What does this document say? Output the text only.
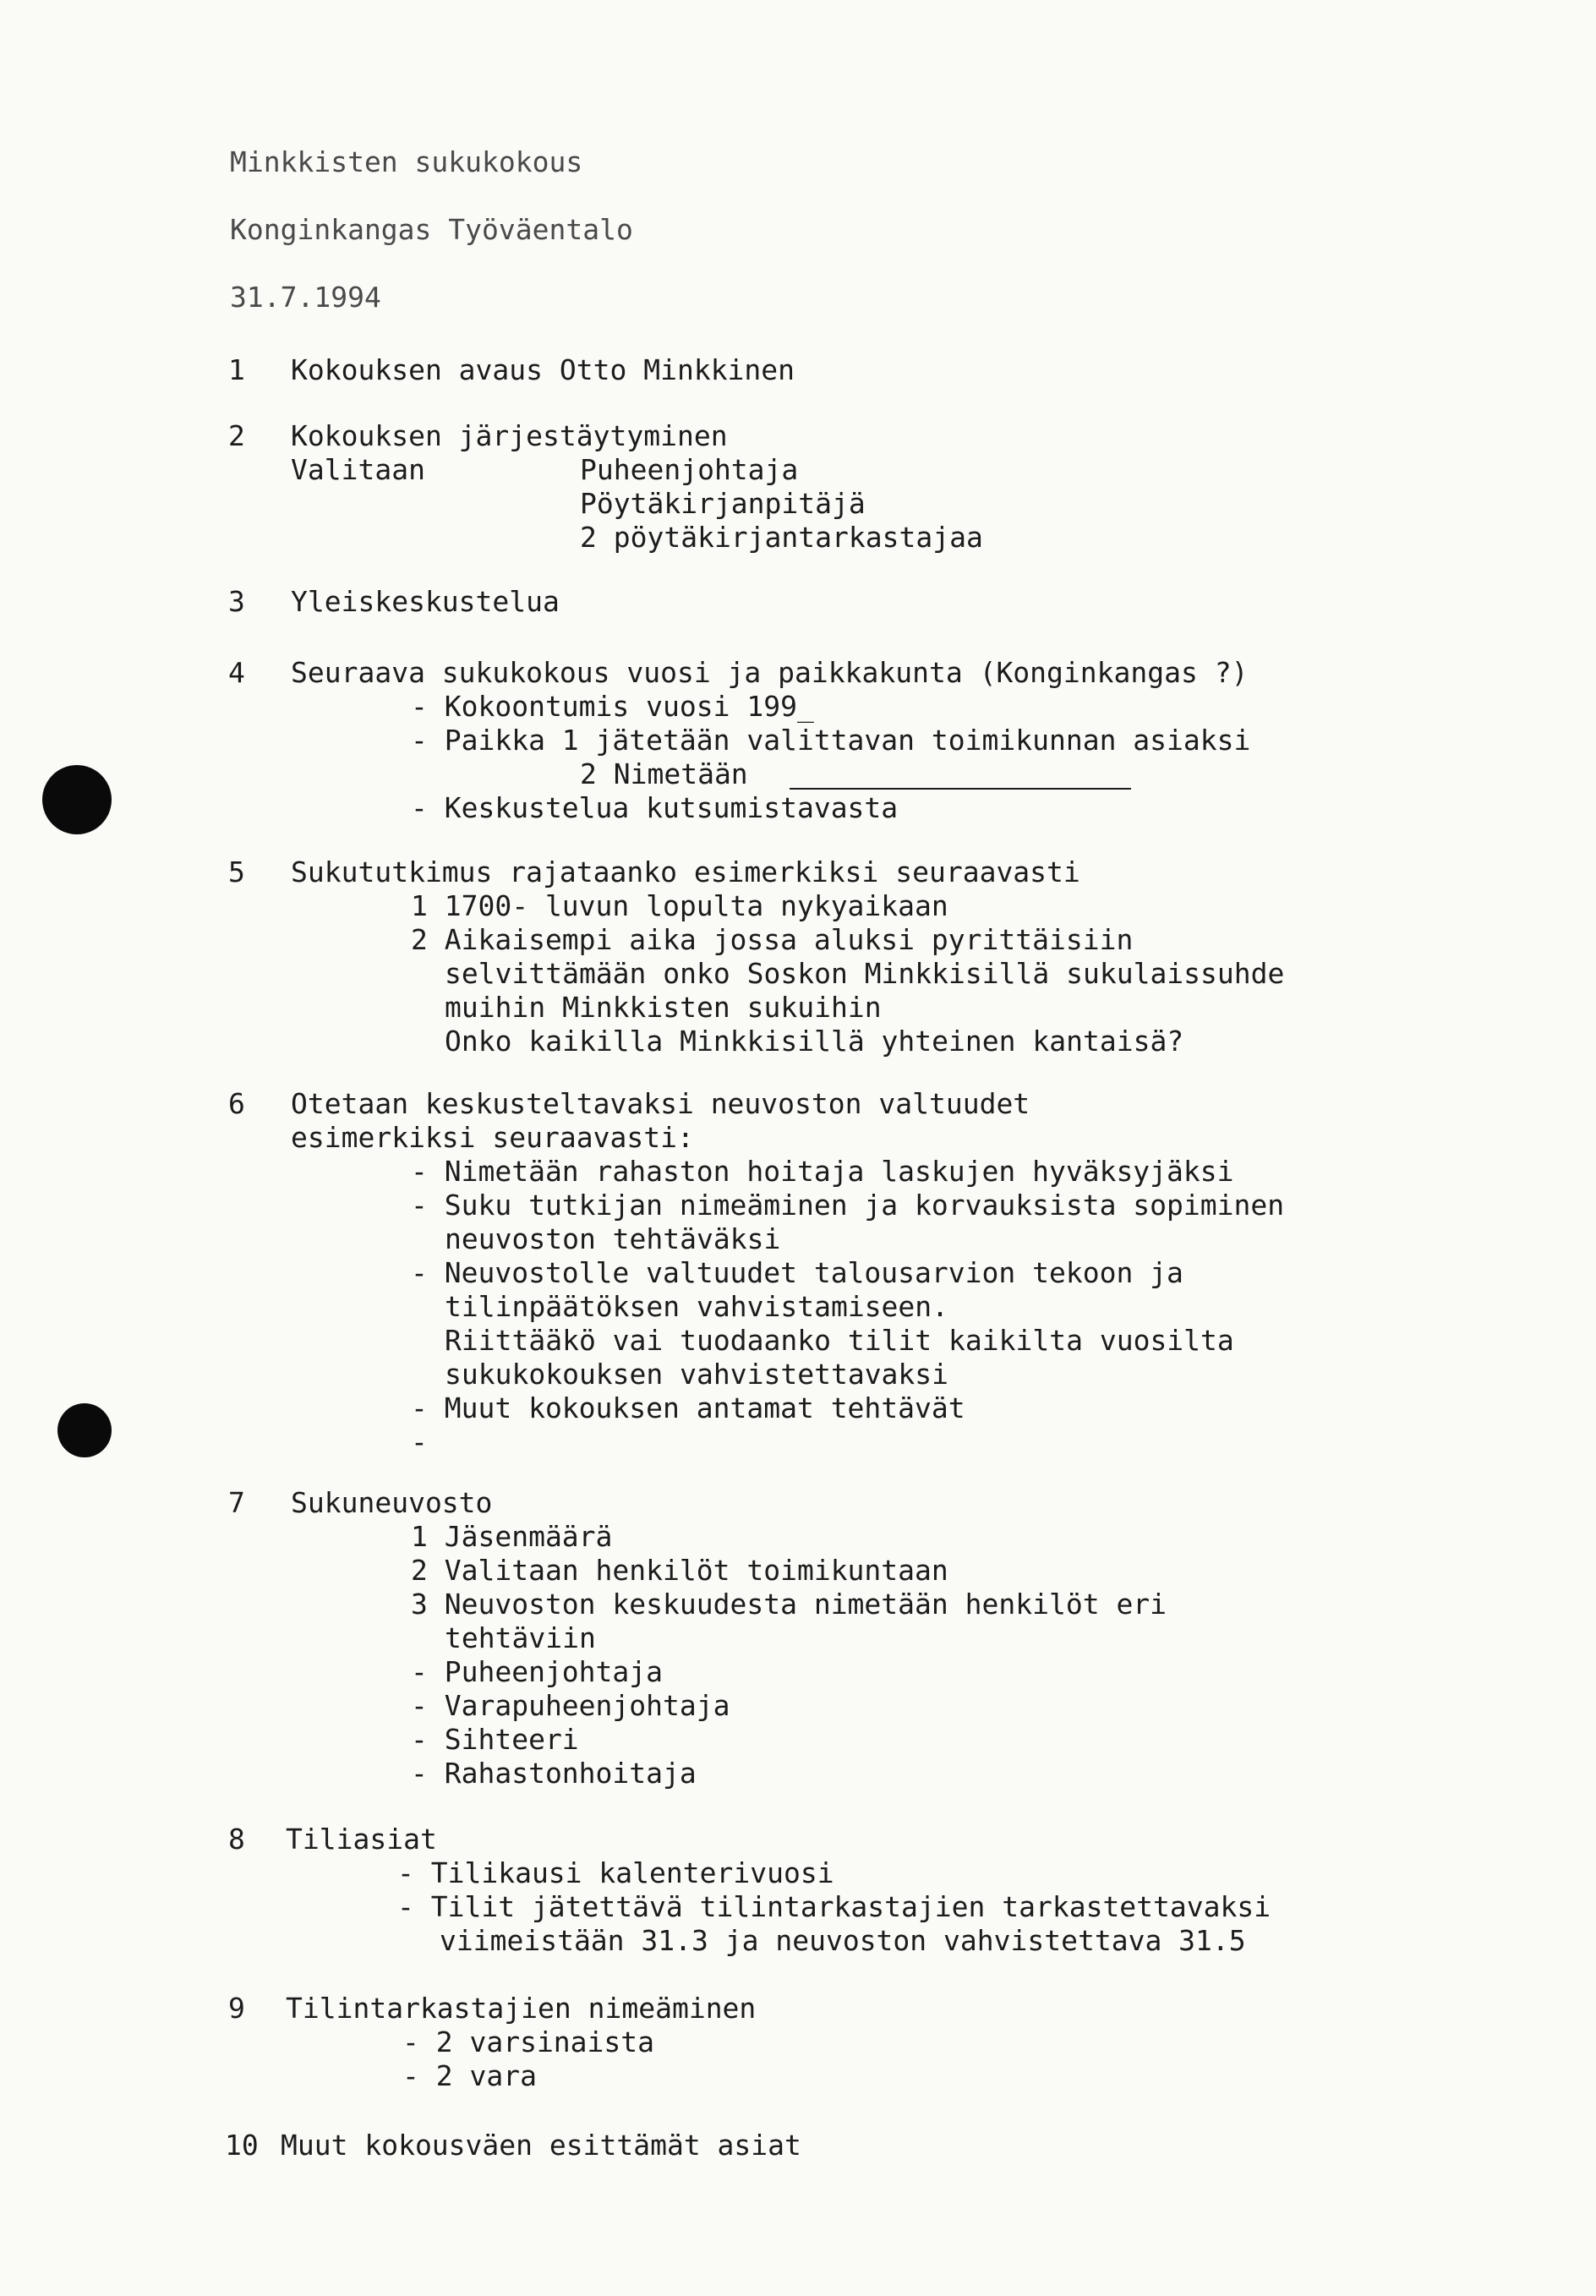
Minkkisten sukukokous
Konginkangas Työväentalo
31.7.1994
1 Kokouksen avaus Otto Minkkinen
2 Kokouksen järjestäytyminen
Valitaan	Puheenjohtaja
Pöytäkirjanpitäjä
2 pöytäkirjantarkastajaa
3 Yleiskeskustelua
4 Seuraava sukukokous vuosi ja paikkakunta (Konginkangas ?)
- Kokoontumis vuosi 199_
- Paikka 1 jätetään valittavan toimikunnan asiaksi
2 Nimetään
- Keskustelua kutsumistavasta
5 Sukututkimus rajataanko esimerkiksi seuraavasti
1 1700- luvun lopulta nykyaikaan
2 Aikaisempi aika jossa aluksi pyrittäisiin
selvittämään onko Soskon Minkkisillä sukulaissuhde
muihin Minkkisten sukuihin
Onko kaikilla Minkkisillä yhteinen kantaisä?
6 Otetaan keskusteltavaksi neuvoston valtuudet
esimerkiksi seuraavasti:
- Nimetään rahaston hoitaja laskujen hyväksyjäksi
- Suku tutkijan nimeäminen ja korvauksista sopiminen
neuvoston tehtäväksi
- Neuvostolle valtuudet talousarvion tekoon ja
tilinpäätöksen vahvistamiseen.
Riittääkö vai tuodaanko tilit kaikilta vuosilta
sukukokouksen vahvistettavaksi
- Muut kokouksen antamat tehtävät
-
7 Sukuneuvosto
1 Jäsenmäärä
2 Valitaan henkilöt toimikuntaan
3 Neuvoston keskuudesta nimetään henkilöt eri
tehtäviin
- Puheenjohtaja
- Varapuheenjohtaja
- Sihteeri
- Rahastonhoitaja
8 Tiliasiat
- Tilikausi kalenterivuosi
- Tilit jätettävä tilintarkastajien tarkastettavaksi
viimeistään 31.3 ja neuvoston vahvistettava 31.5
9 Tilintarkastajien nimeäminen
- 2 varsinaista
- 2 vara
10 Muut kokousväen esittämät asiat
